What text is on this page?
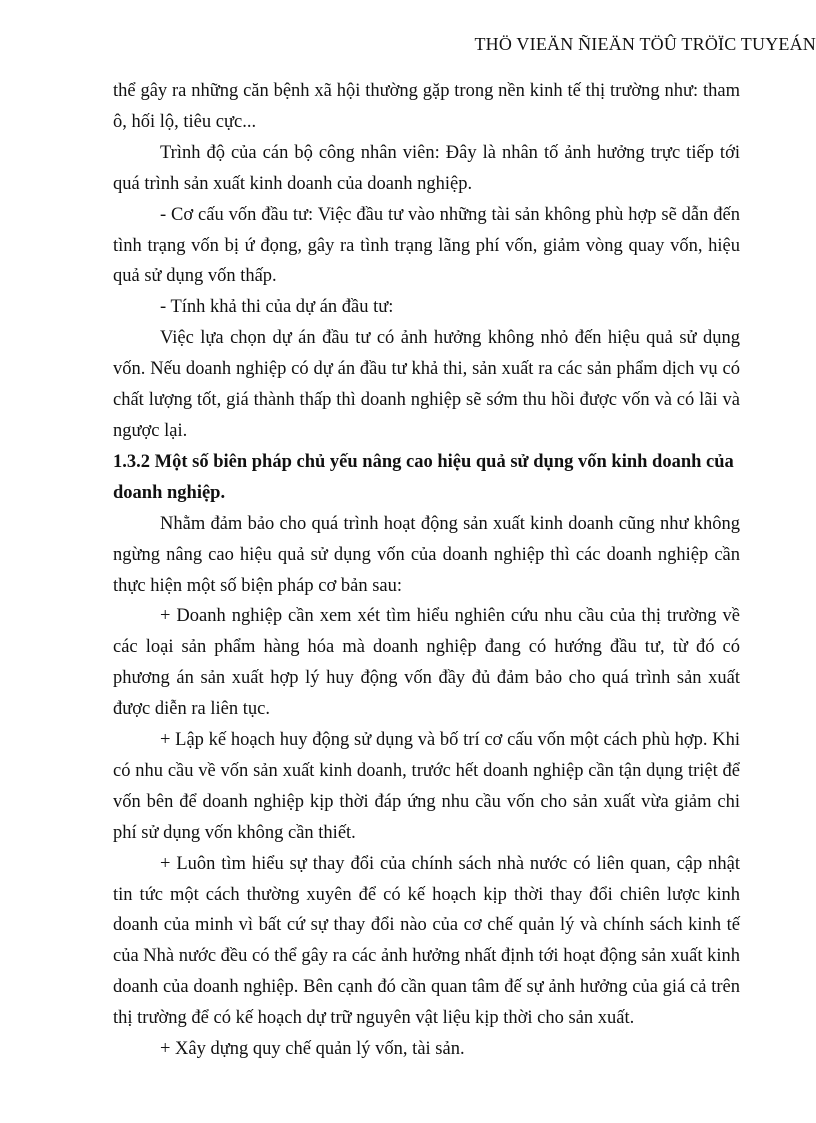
THÖ VIEÄN ÑIEÄN TÖÛ TRÖÏC TUYEÁN

thể gây ra những căn bệnh xã hội thường gặp trong nền kinh tế thị trường như: tham ô, hối lộ, tiêu cực...

Trình độ của cán bộ công nhân viên: Đây là nhân tố ảnh hưởng trực tiếp tới quá trình sản xuất kinh doanh của doanh nghiệp.

- Cơ cấu vốn đầu tư: Việc đầu tư vào những tài sản không phù hợp sẽ dẫn đến tình trạng vốn bị ứ đọng, gây ra tình trạng lãng phí vốn, giảm vòng quay vốn, hiệu quả sử dụng vốn thấp.

- Tính khả thi của dự án đầu tư:

Việc lựa chọn dự án đầu tư có ảnh hưởng không nhỏ đến hiệu quả sử dụng vốn. Nếu doanh nghiệp có dự án đầu tư khả thi, sản xuất ra các sản phẩm dịch vụ có chất lượng tốt, giá thành thấp thì doanh nghiệp sẽ sớm thu hồi được vốn và có lãi và ngược lại.

1.3.2 Một số biên pháp chủ yếu nâng cao hiệu quả sử dụng vốn kinh doanh của doanh nghiệp.

Nhằm đảm bảo cho quá trình hoạt động sản xuất kinh doanh cũng như không ngừng nâng cao hiệu quả sử dụng vốn của doanh nghiệp thì các doanh nghiệp cần thực hiện một số biện pháp cơ bản sau:

+ Doanh nghiệp cần xem xét tìm hiểu nghiên cứu nhu cầu của thị trường về các loại sản phẩm hàng hóa mà doanh nghiệp đang có hướng đầu tư, từ đó có phương án sản xuất hợp lý huy động vốn đầy đủ đảm bảo cho quá trình sản xuất được diễn ra liên tục.

+ Lập kế hoạch huy động sử dụng và bố trí cơ cấu vốn một cách phù hợp. Khi có nhu cầu về vốn sản xuất kinh doanh, trước hết doanh nghiệp cần tận dụng triệt để vốn bên để doanh nghiệp kịp thời đáp ứng nhu cầu vốn cho sản xuất vừa giảm chi phí sử dụng vốn không cần thiết.

+ Luôn tìm hiểu sự thay đổi của chính sách nhà nước có liên quan, cập nhật tin tức một cách thường xuyên để có kế hoạch kịp thời thay đổi chiên lược kinh doanh của minh vì bất cứ sự thay đổi nào của cơ chế quản lý và chính sách kinh tế của Nhà nước đều có thể gây ra các ảnh hưởng nhất định tới hoạt động sản xuất kinh doanh của doanh nghiệp. Bên cạnh đó cần quan tâm đế sự ảnh hưởng của giá cả trên thị trường để có kế hoạch dự trữ nguyên vật liệu kịp thời cho sản xuất.

+ Xây dựng quy chế quản lý vốn, tài sản.
